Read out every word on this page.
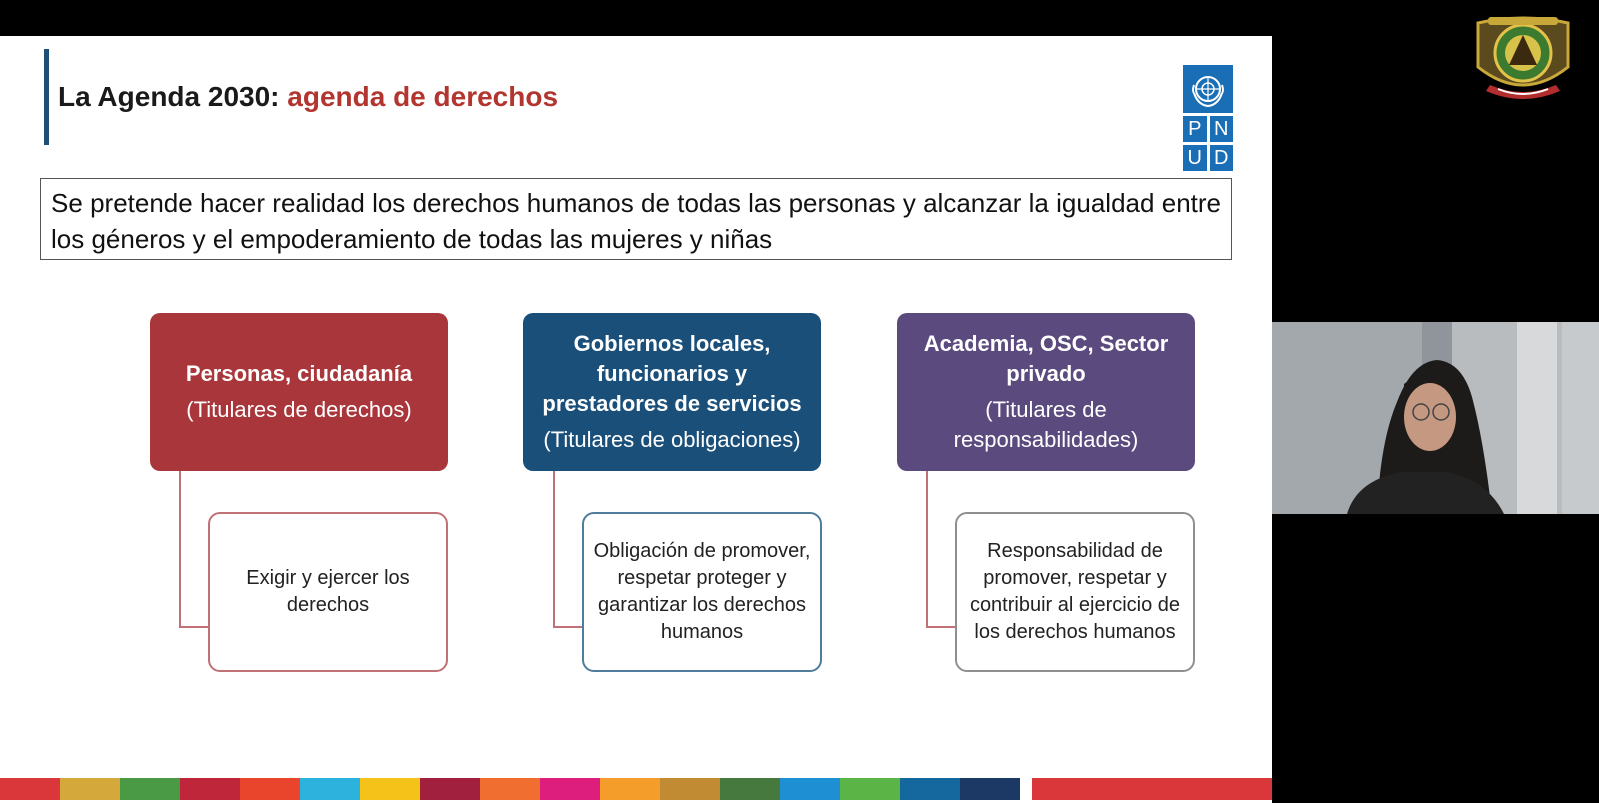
La Agenda 2030: agenda de derechos
P N
U D
Se pretende hacer realidad los derechos humanos de todas las personas y alcanzar la igualdad entre los géneros y el empoderamiento de todas las mujeres y niñas
Personas, ciudadanía
(Titulares de derechos)
Exigir y ejercer los derechos
Gobiernos locales, funcionarios y prestadores de servicios
(Titulares de obligaciones)
Obligación de promover, respetar proteger y garantizar los derechos humanos
Academia, OSC, Sector privado
(Titulares de responsabilidades)
Responsabilidad de promover, respetar y contribuir al ejercicio de los derechos humanos
